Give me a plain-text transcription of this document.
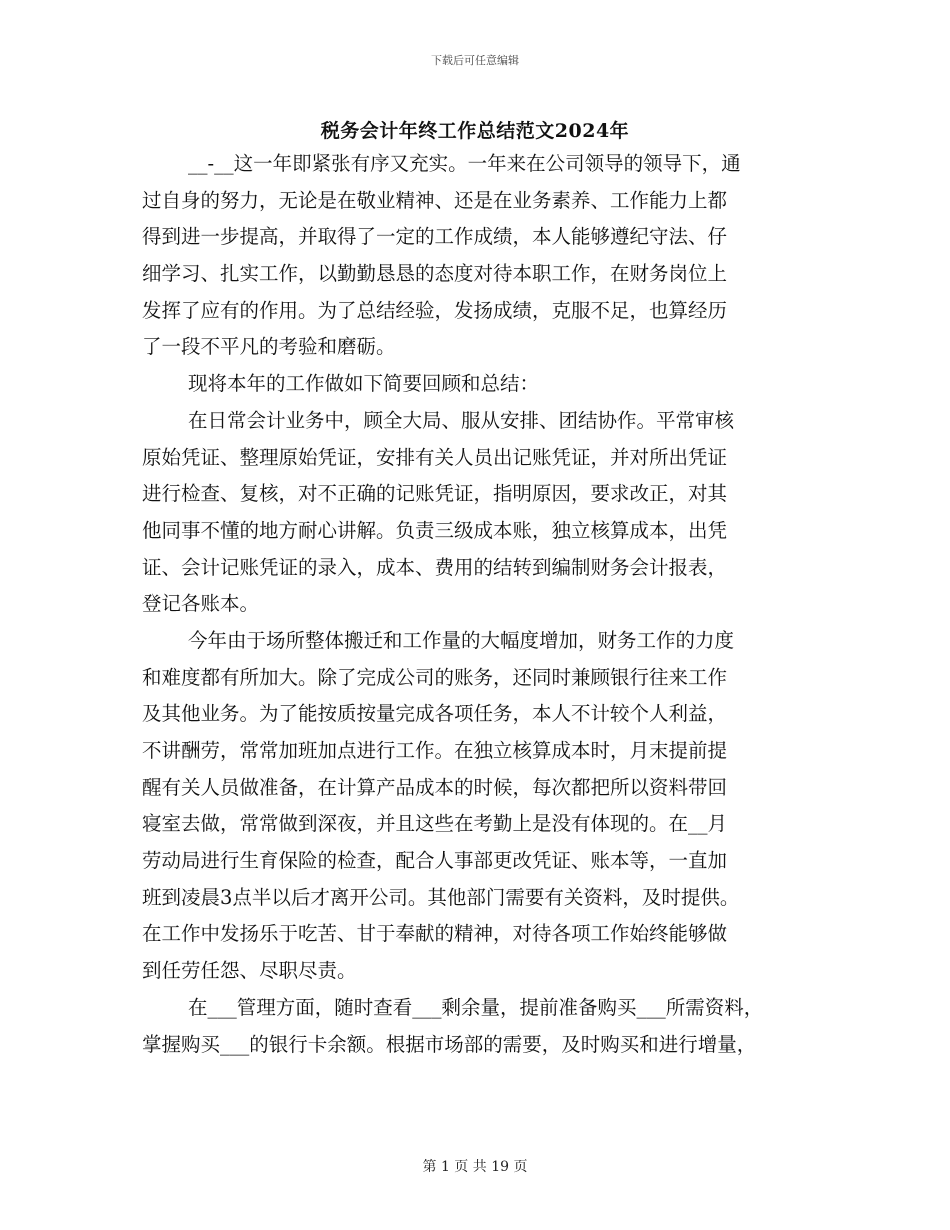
下载后可任意编辑
税务会计年终工作总结范文2024年
__-__这一年即紧张有序又充实。一年来在公司领导的领导下，通
过自身的努力，无论是在敬业精神、还是在业务素养、工作能力上都
得到进一步提高，并取得了一定的工作成绩，本人能够遵纪守法、仔
细学习、扎实工作，以勤勤恳恳的态度对待本职工作，在财务岗位上
发挥了应有的作用。为了总结经验，发扬成绩，克服不足，也算经历
了一段不平凡的考验和磨砺。
现将本年的工作做如下简要回顾和总结：
在日常会计业务中，顾全大局、服从安排、团结协作。平常审核
原始凭证、整理原始凭证，安排有关人员出记账凭证，并对所出凭证
进行检查、复核，对不正确的记账凭证，指明原因，要求改正，对其
他同事不懂的地方耐心讲解。负责三级成本账，独立核算成本，出凭
证、会计记账凭证的录入，成本、费用的结转到编制财务会计报表，
登记各账本。
今年由于场所整体搬迁和工作量的大幅度增加，财务工作的力度
和难度都有所加大。除了完成公司的账务，还同时兼顾银行往来工作
及其他业务。为了能按质按量完成各项任务，本人不计较个人利益，
不讲酬劳，常常加班加点进行工作。在独立核算成本时，月末提前提
醒有关人员做准备，在计算产品成本的时候，每次都把所以资料带回
寝室去做，常常做到深夜，并且这些在考勤上是没有体现的。在__月
劳动局进行生育保险的检查，配合人事部更改凭证、账本等，一直加
班到凌晨3点半以后才离开公司。其他部门需要有关资料，及时提供。
在工作中发扬乐于吃苦、甘于奉献的精神，对待各项工作始终能够做
到任劳任怨、尽职尽责。
在___管理方面，随时查看___剩余量，提前准备购买___所需资料，
掌握购买___的银行卡余额。根据市场部的需要，及时购买和进行增量，
第 1 页 共 19 页
